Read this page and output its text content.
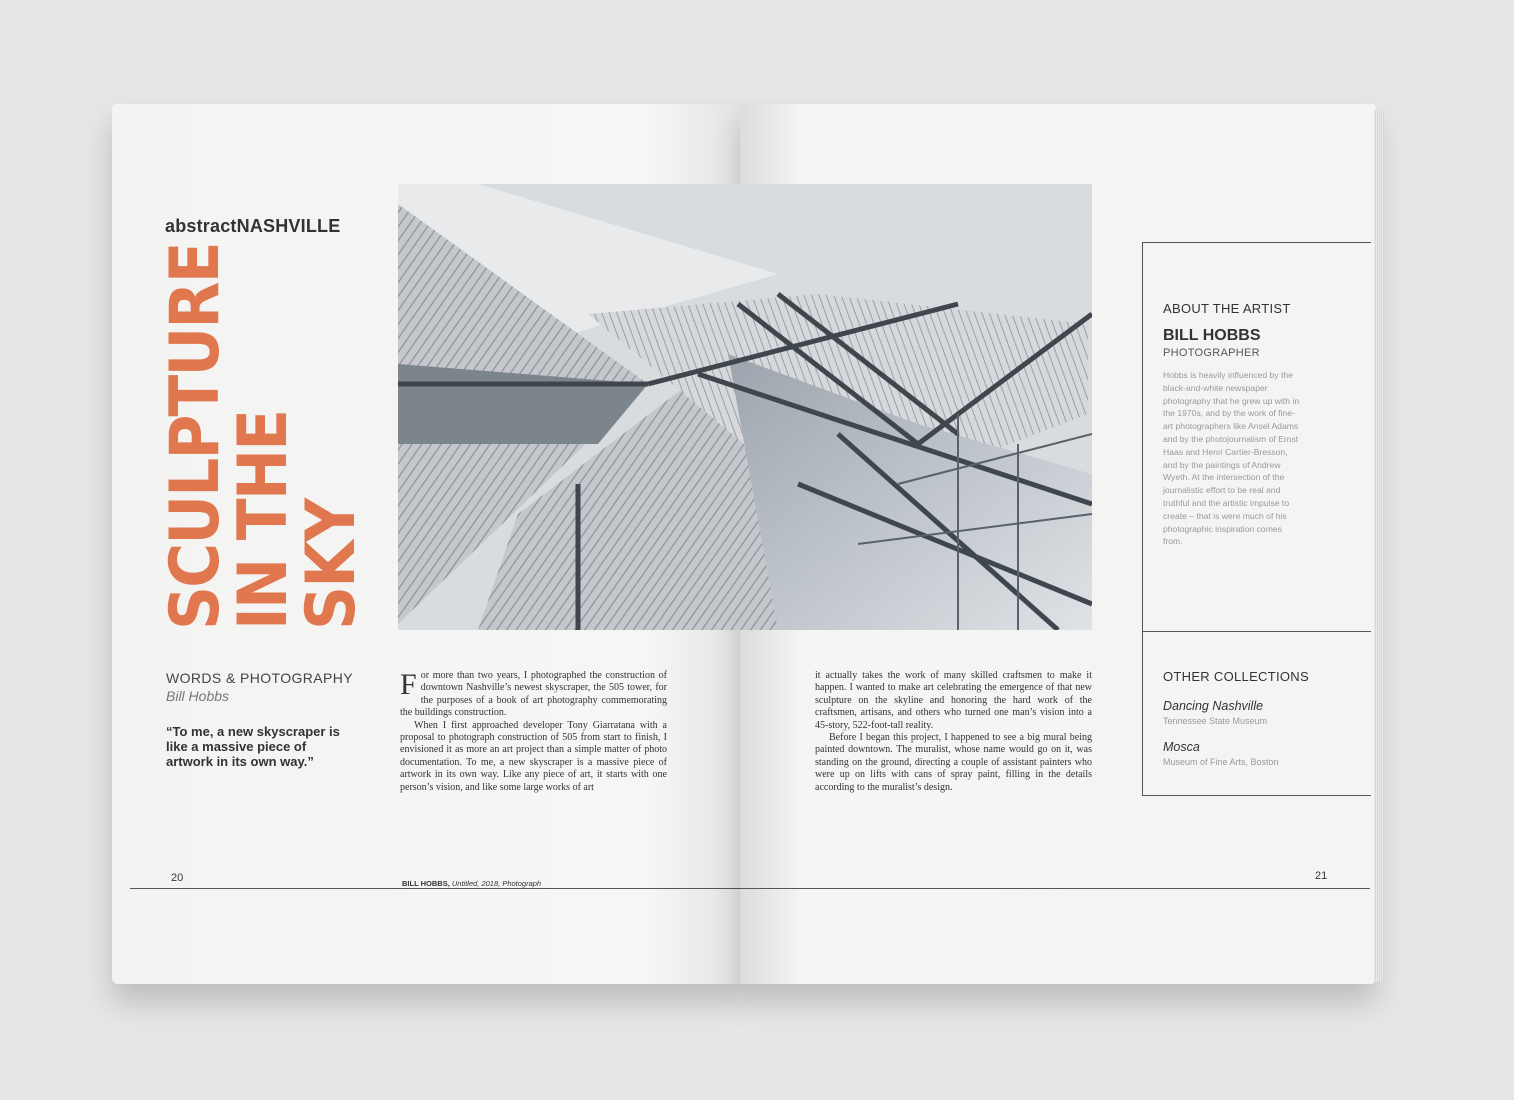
abstractNASHVILLE
SCULPTURE
IN THE
SKY
WORDS & PHOTOGRAPHY
Bill Hobbs
“To me, a new skyscraper is like a massive piece of artwork in its own way.”

For more than two years, I photographed the construction of downtown Nashville’s newest skyscraper, the 505 tower, for the purposes of a book of art photography commemorating the buildings construction.

When I first approached developer Tony Giarratana with a proposal to photograph construction of 505 from start to finish, I envisioned it as more an art project than a simple matter of photo documentation. To me, a new skyscraper is a massive piece of artwork in its own way. Like any piece of art, it starts with one person’s vision, and like some large works of art

20	BILL HOBBS, Untitled, 2018, Photograph

it actually takes the work of many skilled craftsmen to make it happen. I wanted to make art celebrating the emergence of that new sculpture on the skyline and honoring the hard work of the craftsmen, artisans, and others who turned one man’s vision into a 45-story, 522-foot-tall reality.

Before I began this project, I happened to see a big mural being painted downtown. The muralist, whose name would go on it, was standing on the ground, directing a couple of assistant painters who were up on lifts with cans of spray paint, filling in the details according to the muralist’s design.

ABOUT THE ARTIST
BILL HOBBS
PHOTOGRAPHER
Hobbs is heavily influenced by the black-and-white newspaper photography that he grew up with in the 1970s, and by the work of fine-art photographers like Ansel Adams and by the photojournalism of Ernst Haas and Henri Cartier-Bresson, and by the paintings of Andrew Wyeth. At the intersection of the journalistic effort to be real and truthful and the artistic impulse to create – that is were much of his photographic inspiration comes from.
OTHER COLLECTIONS
Dancing Nashville
Tennessee State Museum
Mosca
Museum of Fine Arts, Boston
21
